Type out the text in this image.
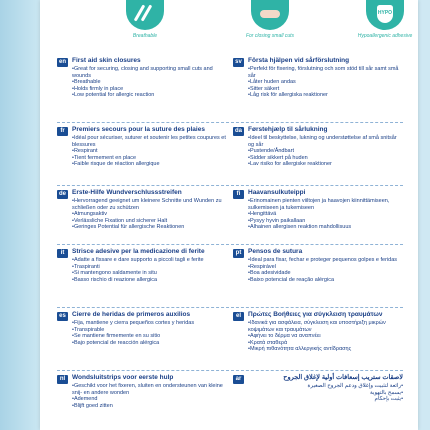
Breathable	For closing small cuts
HYPO
Hypoallergenic adhesive
en First aid skin closures
• Great for securing, closing and supporting small cuts and wounds
• Breathable
• Holds firmly in place
• Low potential for allergic reaction
sv Första hjälpen vid sårförslutning
• Perfekt för fixering, förslutning och som stöd till sår samt små sår
• Låter huden andas
• Sitter säkert
• Låg risk för allergiska reaktioner
fr	Premiers secours pour la suture des plaies
• Idéal pour sécuriser, suturer et soutenir les petites coupures et blessures
• Respirant
• Tient fermement en place
• Faible risque de réaction allergique
da Førstehjælp til sårlukning
• Ideel til beskyttelse, lukning og understøttelse af små snitsår og sår
• Pustende/Åndbart
• Sidder sikkert på huden
• Lav risiko for allergiske reaktioner
de Erste-Hilfe Wundverschlussstreifen
• Hervorragend geeignet um kleinere Schnitte und Wunden zu schließen oder zu schützen
• Atmungsaktiv
• Verlässliche Fixation und sicherer Halt
• Geringes Potential für allergische Reaktionen
fi	Haavansulkuteippi
• Erinomainen pienten viiltojen ja haavojen kiinnittämiseen, sulkemiseen ja tukemiseen
• Hengittävä
• Pysyy hyvin paikallaan
• Alhainen allergisen reaktion mahdollisuus
it	Strisce adesive per la medicazione di ferite
• Adatte a fissare e dare supporto a piccoli tagli e ferite
• Traspiranti
• Si mantengono saldamente in situ
• Basso rischio di reazione allergica
pt	Pensos de sutura
• Ideal para fixar, fechar e proteger pequenos golpes e feridas
• Respirável
• Boa adesividade
• Baixo potencial de reação alérgica
es Cierre de heridas de primeros auxilios
• Fija, mantiene y cierra pequeños cortes y heridas
• Transpirable
• Se mantiene firmemente en su sitio
• Bajo potencial de reacción alérgica
el	Πρώτες Βοήθειες για σύγκλειση τραυμάτων
• Ιδανικά για ασφάλεια, σύγκλειση και υποστήριξη μικρών κοψιμάτων και τραυμάτων
• Αφήνει το δέρμα να αναπνέει
• Κρατά σταθερά
• Μικρή πιθανότητα αλλεργικής αντίδρασης
nl	Wondsluitstrips voor eerste hulp
• Geschikt voor het fixeren, sluiten en ondersteunen van kleine snij- en andere wonden
• Ademend
• Blijft goed zitten
ar	لاصقات ستريب إسعافات أولية لإغلاق الجروح
• رائعة لتثبيت وإغلاق ودعم الجروح الصغيرة
• يسمح بالتهوية
• يثبت بإحكام
